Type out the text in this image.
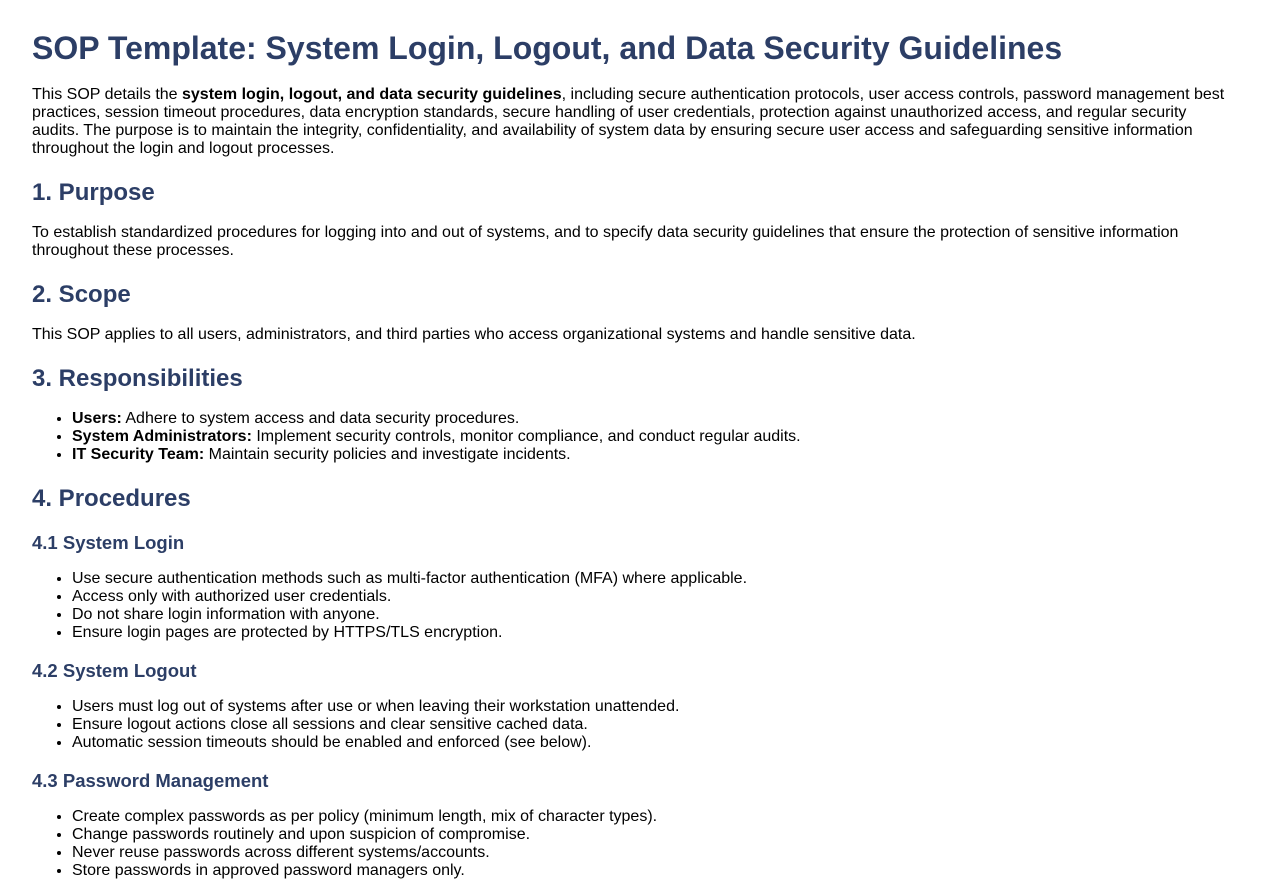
SOP Template: System Login, Logout, and Data Security Guidelines

This SOP details the system login, logout, and data security guidelines, including secure authentication protocols, user access controls, password management best practices, session timeout procedures, data encryption standards, secure handling of user credentials, protection against unauthorized access, and regular security audits. The purpose is to maintain the integrity, confidentiality, and availability of system data by ensuring secure user access and safeguarding sensitive information throughout the login and logout processes.

1. Purpose

To establish standardized procedures for logging into and out of systems, and to specify data security guidelines that ensure the protection of sensitive information throughout these processes.

2. Scope

This SOP applies to all users, administrators, and third parties who access organizational systems and handle sensitive data.

3. Responsibilities
• Users: Adhere to system access and data security procedures.
• System Administrators: Implement security controls, monitor compliance, and conduct regular audits.
• IT Security Team: Maintain security policies and investigate incidents.
4. Procedures
4.1 System Login
• Use secure authentication methods such as multi-factor authentication (MFA) where applicable.
• Access only with authorized user credentials.
• Do not share login information with anyone.
• Ensure login pages are protected by HTTPS/TLS encryption.
4.2 System Logout
• Users must log out of systems after use or when leaving their workstation unattended.
• Ensure logout actions close all sessions and clear sensitive cached data.
• Automatic session timeouts should be enabled and enforced (see below).
4.3 Password Management
• Create complex passwords as per policy (minimum length, mix of character types).
• Change passwords routinely and upon suspicion of compromise.
• Never reuse passwords across different systems/accounts.
• Store passwords in approved password managers only.
